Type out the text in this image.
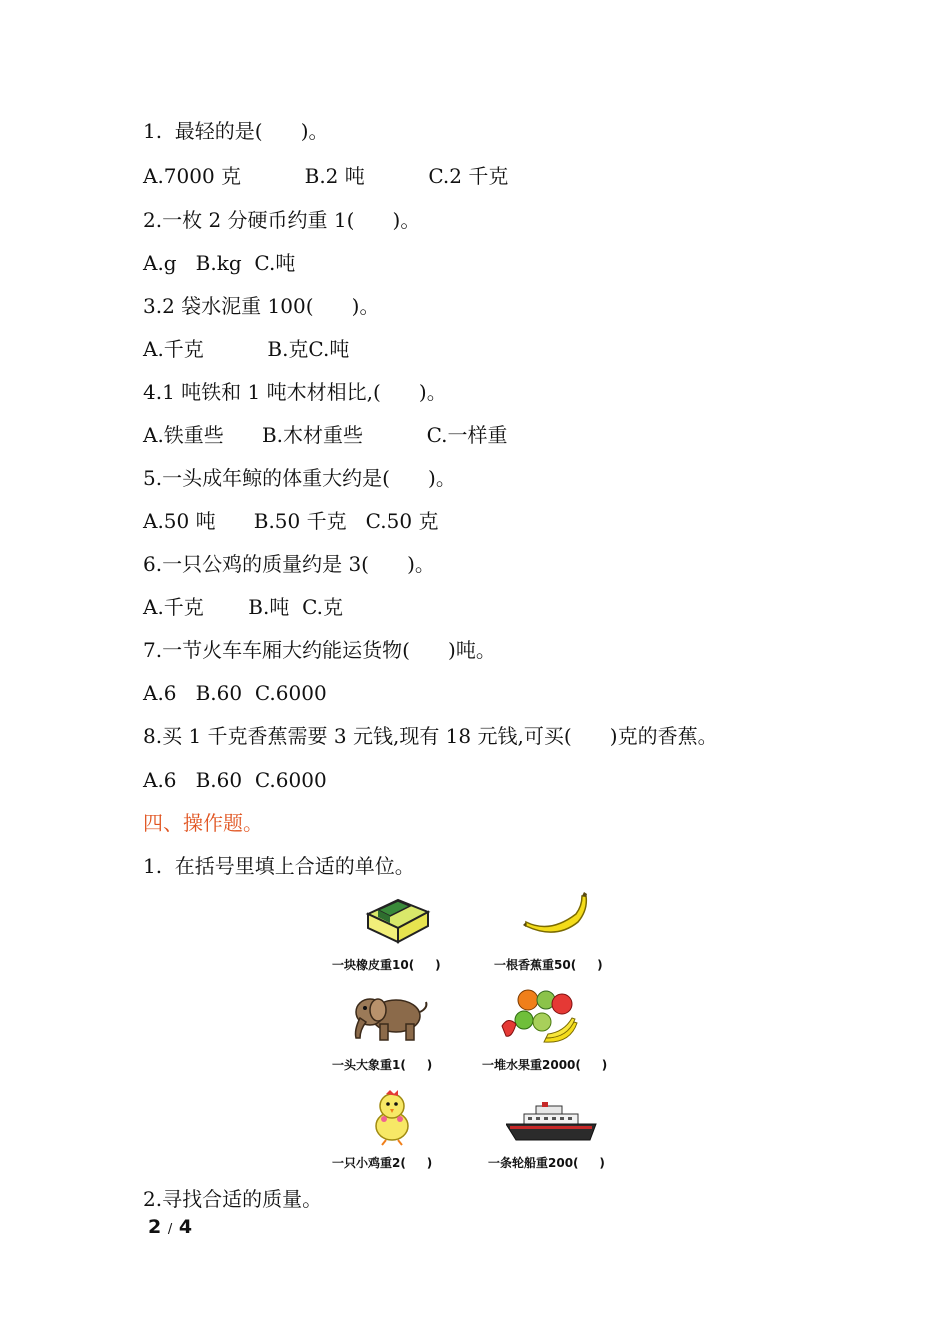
1.  最轻的是(      )。
A.7000 克          B.2 吨          C.2 千克
2.一枚 2 分硬币约重 1(      )。
A.g   B.kg  C.吨
3.2 袋水泥重 100(      )。
A.千克          B.克C.吨
4.1 吨铁和 1 吨木材相比,(      )。
A.铁重些      B.木材重些          C.一样重
5.一头成年鲸的体重大约是(      )。
A.50 吨      B.50 千克   C.50 克
6.一只公鸡的质量约是 3(      )。
A.千克       B.吨  C.克
7.一节火车车厢大约能运货物(      )吨。
A.6   B.60  C.6000
8.买 1 千克香蕉需要 3 元钱,现有 18 元钱,可买(      )克的香蕉。
A.6   B.60  C.6000
四、操作题。
1.  在括号里填上合适的单位。
一块橡皮重10(     )	一根香蕉重50(     )
一头大象重1(     )	一堆水果重2000(     )
一只小鸡重2(     )	一条轮船重200(     )
2.寻找合适的质量。
2 / 4
